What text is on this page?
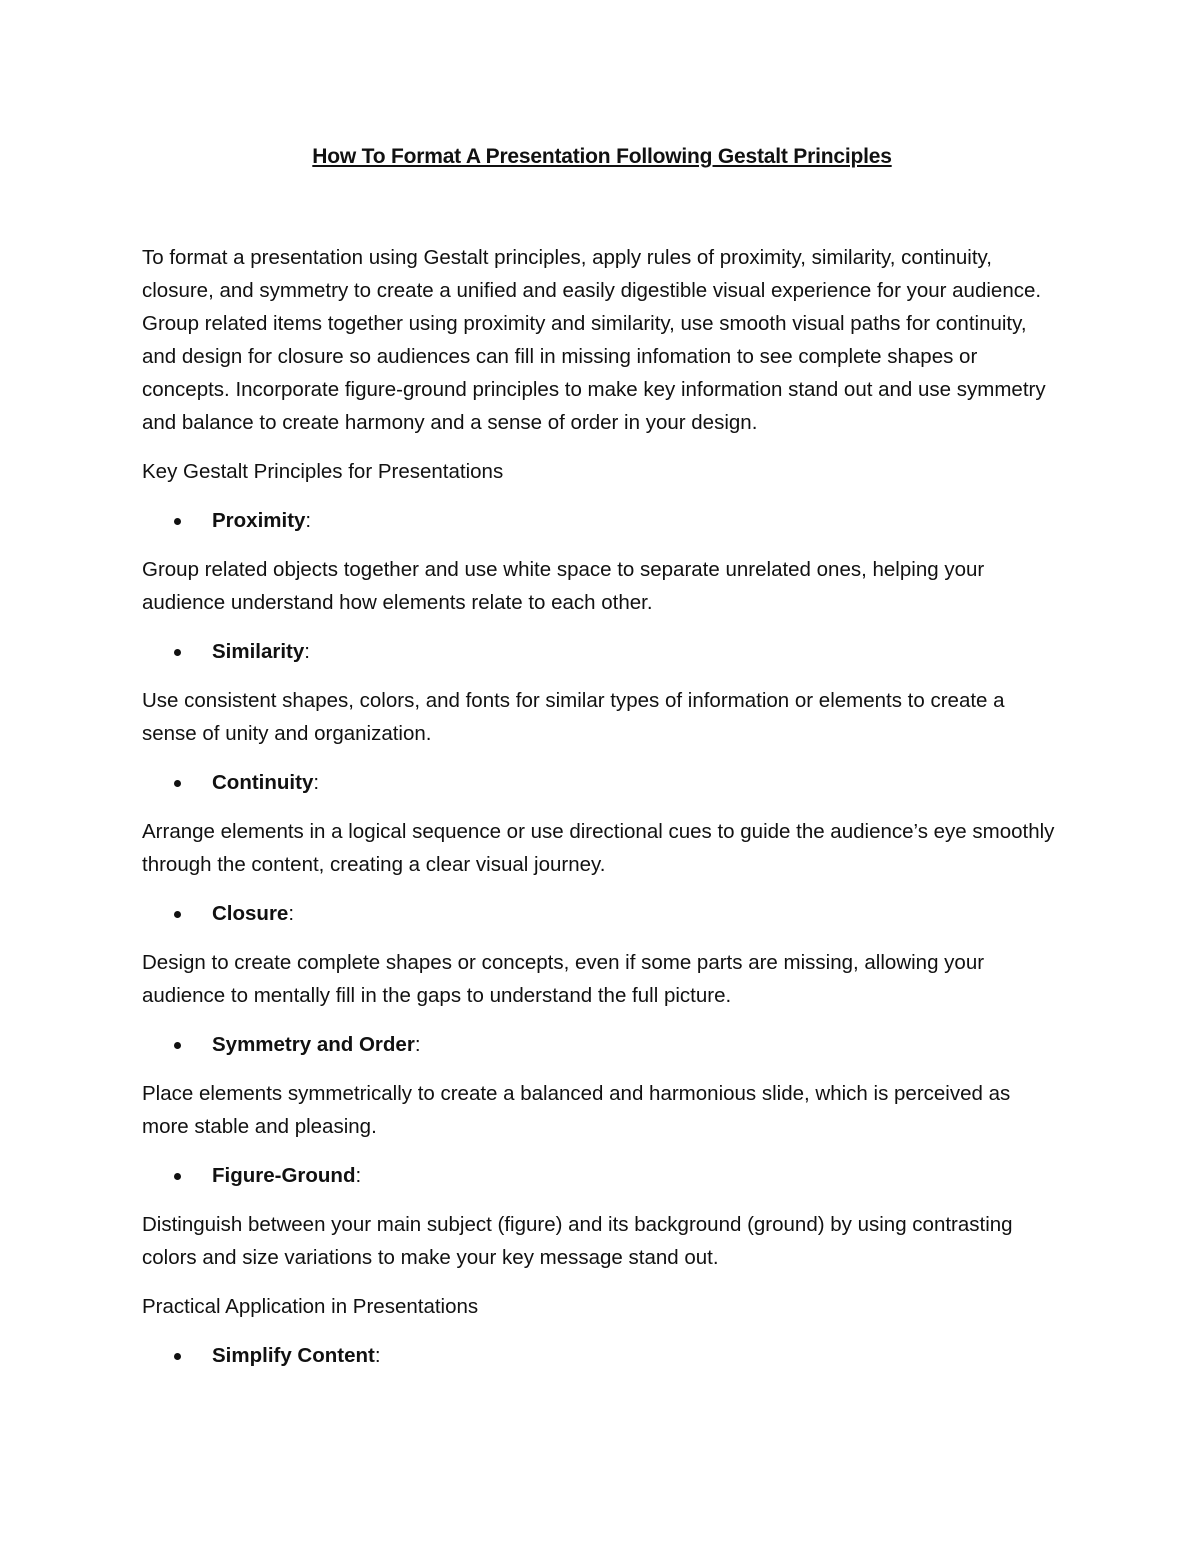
How To Format A Presentation Following Gestalt Principles

To format a presentation using Gestalt principles, apply rules of proximity, similarity, continuity, closure, and symmetry to create a unified and easily digestible visual experience for your audience. Group related items together using proximity and similarity, use smooth visual paths for continuity, and design for closure so audiences can fill in missing infomation to see complete shapes or concepts. Incorporate figure-ground principles to make key information stand out and use symmetry and balance to create harmony and a sense of order in your design.

Key Gestalt Principles for Presentations

Proximity:

Group related objects together and use white space to separate unrelated ones, helping your audience understand how elements relate to each other.

Similarity:

Use consistent shapes, colors, and fonts for similar types of information or elements to create a sense of unity and organization.

Continuity:

Arrange elements in a logical sequence or use directional cues to guide the audience’s eye smoothly through the content, creating a clear visual journey.

Closure:

Design to create complete shapes or concepts, even if some parts are missing, allowing your audience to mentally fill in the gaps to understand the full picture.

Symmetry and Order:

Place elements symmetrically to create a balanced and harmonious slide, which is perceived as more stable and pleasing.

Figure-Ground:

Distinguish between your main subject (figure) and its background (ground) by using contrasting colors and size variations to make your key message stand out.

Practical Application in Presentations

Simplify Content:
